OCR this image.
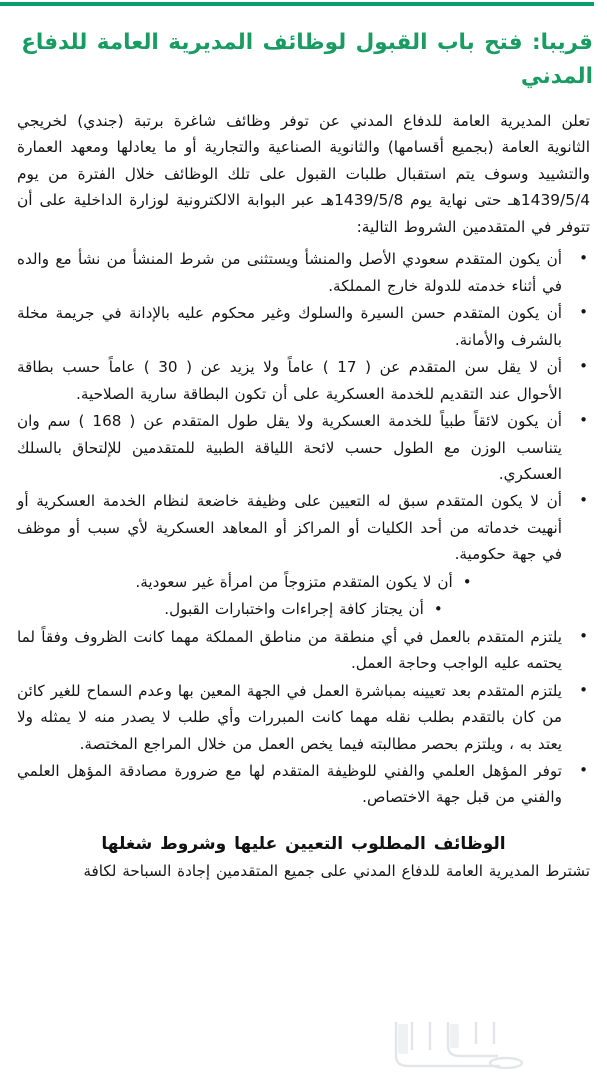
قريبا: فتح باب القبول لوظائف المديرية العامة للدفاع المدني

تعلن المديرية العامة للدفاع المدني عن توفر وظائف شاغرة برتبة (جندي) لخريجي الثانوية العامة (بجميع أقسامها) والثانوية الصناعية والتجارية أو ما يعادلها ومعهد العمارة والتشييد وسوف يتم استقبال طلبات القبول على تلك الوظائف خلال الفترة من يوم 1439/5/4هـ حتى نهاية يوم 1439/5/8هـ عبر البوابة الالكترونية لوزارة الداخلية على أن تتوفر في المتقدمين الشروط التالية:

• أن يكون المتقدم سعودي الأصل والمنشأ ويستثنى من شرط المنشأ من نشأ مع والده في أثناء خدمته للدولة خارج المملكة.
• أن يكون المتقدم حسن السيرة والسلوك وغير محكوم عليه بالإدانة في جريمة مخلة بالشرف والأمانة.
• أن لا يقل سن المتقدم عن ( 17 ) عاماً ولا يزيد عن ( 30 ) عاماً حسب بطاقة الأحوال عند التقديم للخدمة العسكرية على أن تكون البطاقة سارية الصلاحية.
• أن يكون لائقاً طبياً للخدمة العسكرية ولا يقل طول المتقدم عن ( 168 ) سم وان يتناسب الوزن مع الطول حسب لائحة اللياقة الطبية للمتقدمين للإلتحاق بالسلك العسكري.
• أن لا يكون المتقدم سبق له التعيين على وظيفة خاضعة لنظام الخدمة العسكرية أو أنهيت خدماته من أحد الكليات أو المراكز أو المعاهد العسكرية لأي سبب أو موظف في جهة حكومية.
• أن لا يكون المتقدم متزوجاً من امرأة غير سعودية.
• أن يجتاز كافة إجراءات واختبارات القبول.
• يلتزم المتقدم بالعمل في أي منطقة من مناطق المملكة مهما كانت الظروف وفقاً لما يحتمه عليه الواجب وحاجة العمل.
• يلتزم المتقدم بعد تعيينه بمباشرة العمل في الجهة المعين بها وعدم السماح للغير كائن من كان بالتقدم بطلب نقله مهما كانت المبررات وأي طلب لا يصدر منه لا يمثله ولا يعتد به ، ويلتزم بحصر مطالبته فيما يخص العمل من خلال المراجع المختصة.
• توفر المؤهل العلمي والفني للوظيفة المتقدم لها مع ضرورة مصادقة المؤهل العلمي والفني من قبل جهة الاختصاص.
الوظائف المطلوب التعيين عليها وشروط شغلها

تشترط المديرية العامة للدفاع المدني على جميع المتقدمين إجادة السباحة لكافة
